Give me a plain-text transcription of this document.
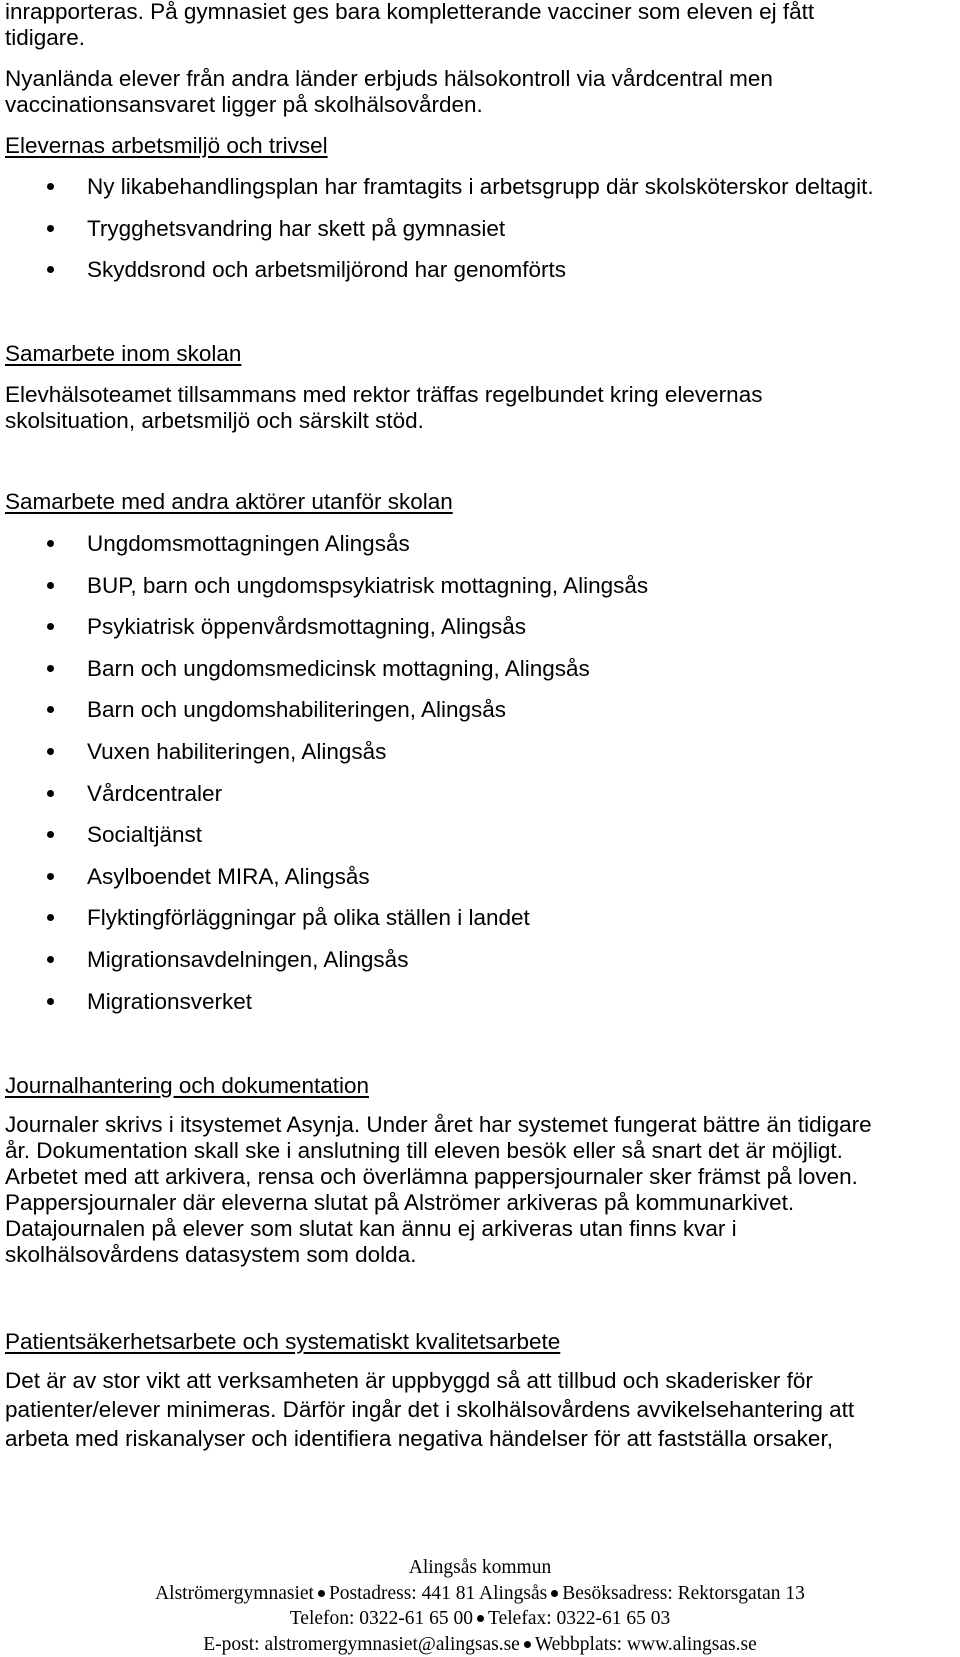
inrapporteras. På gymnasiet ges bara kompletterande vacciner som eleven ej fått

tidigare.

Nyanlända elever från andra länder erbjuds hälsokontroll via vårdcentral men

vaccinationsansvaret ligger på skolhälsovården.

Elevernas arbetsmiljö och trivsel

Ny likabehandlingsplan har framtagits i arbetsgrupp där skolsköterskor deltagit.
Trygghetsvandring har skett på gymnasiet
Skyddsrond och arbetsmiljörond har genomförts

Samarbete inom skolan

Elevhälsoteamet tillsammans med rektor träffas regelbundet kring elevernas

skolsituation, arbetsmiljö och särskilt stöd.

Samarbete med andra aktörer utanför skolan

Ungdomsmottagningen Alingsås
BUP, barn och ungdomspsykiatrisk mottagning, Alingsås
Psykiatrisk öppenvårdsmottagning, Alingsås
Barn och ungdomsmedicinsk mottagning, Alingsås
Barn och ungdomshabiliteringen, Alingsås
Vuxen habiliteringen, Alingsås
Vårdcentraler
Socialtjänst
Asylboendet MIRA, Alingsås
Flyktingförläggningar på olika ställen i landet
Migrationsavdelningen, Alingsås
Migrationsverket

Journalhantering och dokumentation

Journaler skrivs i itsystemet Asynja. Under året har systemet fungerat bättre än tidigare

år. Dokumentation skall ske i anslutning till eleven besök eller så snart det är möjligt.

Arbetet med att arkivera, rensa och överlämna pappersjournaler sker främst på loven.

Pappersjournaler där eleverna slutat på Alströmer arkiveras på kommunarkivet.

Datajournalen på elever som slutat kan ännu ej arkiveras utan finns kvar i

skolhälsovårdens datasystem som dolda.

Patientsäkerhetsarbete och systematiskt kvalitetsarbete

Det är av stor vikt att verksamheten är uppbyggd så att tillbud och skaderisker för

patienter/elever minimeras. Därför ingår det i skolhälsovårdens avvikelsehantering att

arbeta med riskanalyser och identifiera negativa händelser för att fastställa orsaker,

Alingsås kommun
Alströmergymnasiet Postadress: 441 81 Alingsås Besöksadress: Rektorsgatan 13
Telefon: 0322-61 65 00 Telefax: 0322-61 65 03
E-post: alstromergymnasiet@alingsas.se Webbplats: www.alingsas.se
